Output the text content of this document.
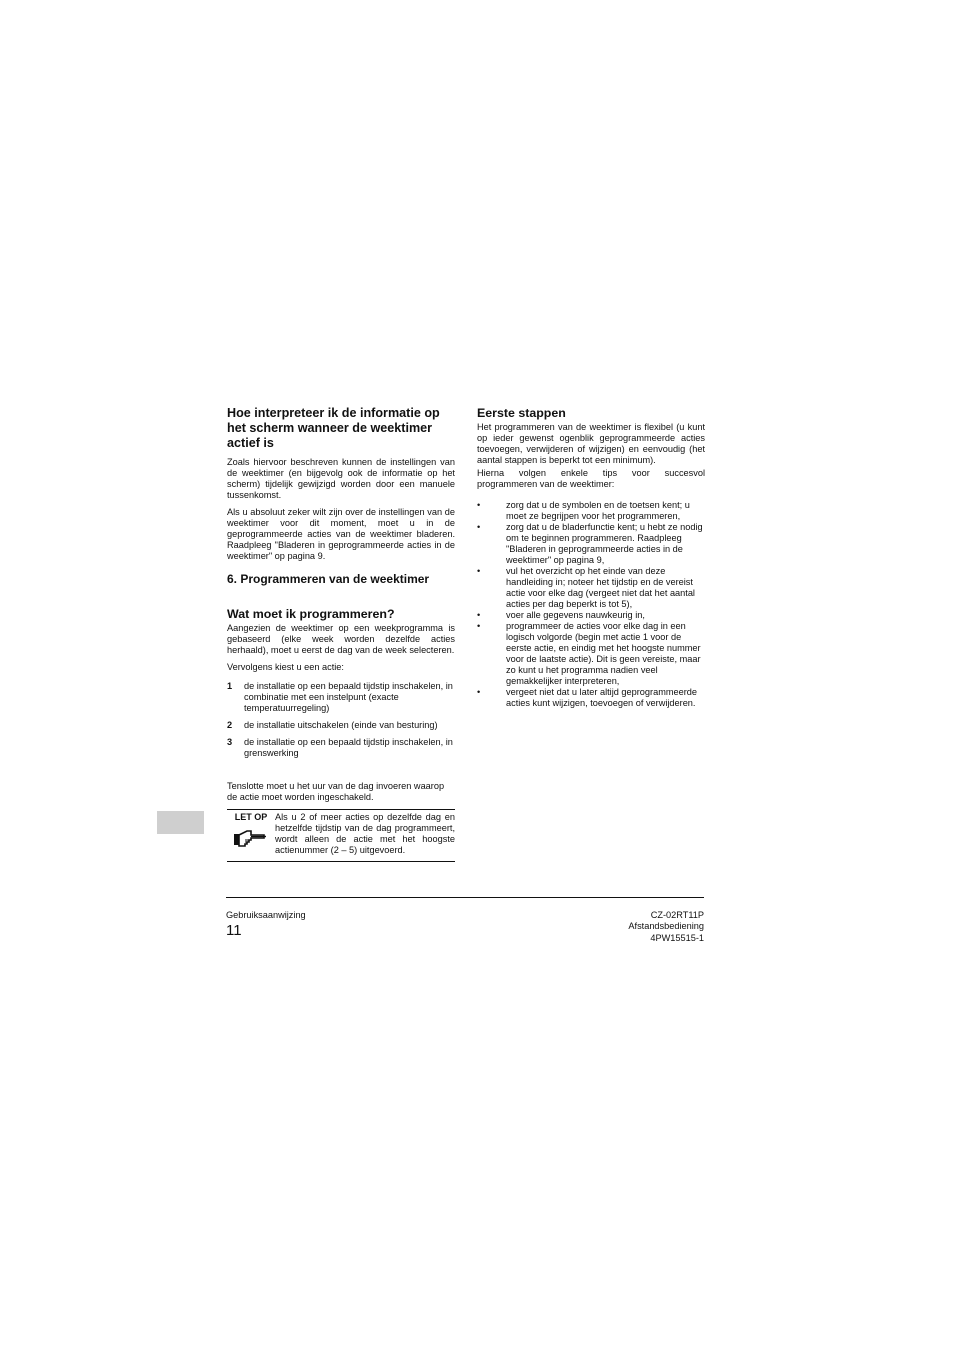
Hoe interpreteer ik de informatie op het scherm wanneer de weektimer actief is

Zoals hiervoor beschreven kunnen de instellingen van de weektimer (en bijgevolg ook de informatie op het scherm) tijdelijk gewijzigd worden door een manuele tussenkomst.

Als u absoluut zeker wilt zijn over de instellingen van de weektimer voor dit moment, moet u in de geprogrammeerde acties van de weektimer bladeren. Raadpleeg "Bladeren in geprogrammeerde acties in de weektimer" op pagina 9.

6. Programmeren van de weektimer
Wat moet ik programmeren?

Aangezien de weektimer op een weekprogramma is gebaseerd (elke week worden dezelfde acties herhaald), moet u eerst de dag van de week selecteren.

Vervolgens kiest u een actie:

1	de installatie op een bepaald tijdstip inschakelen, in combinatie met een instelpunt (exacte temperatuurregeling)
2	de installatie uitschakelen (einde van besturing)
3	de installatie op een bepaald tijdstip inschakelen, in grenswerking

Tenslotte moet u het uur van de dag invoeren waarop de actie moet worden ingeschakeld.

LET OP Als u 2 of meer acties op dezelfde dag en hetzelfde tijdstip van de dag programmeert, wordt alleen de actie met het hoogste actienummer (2 – 5) uitgevoerd.
Eerste stappen

Het programmeren van de weektimer is flexibel (u kunt op ieder gewenst ogenblik geprogrammeerde acties toevoegen, verwijderen of wijzigen) en eenvoudig (het aantal stappen is beperkt tot een minimum).

Hierna volgen enkele tips voor succesvol programmeren van de weektimer:

•	zorg dat u de symbolen en de toetsen kent; u moet ze begrijpen voor het programmeren,
•	zorg dat u de bladerfunctie kent; u hebt ze nodig om te beginnen programmeren. Raadpleeg "Bladeren in geprogrammeerde acties in de weektimer" op pagina 9,
•	vul het overzicht op het einde van deze handleiding in; noteer het tijdstip en de vereist actie voor elke dag (vergeet niet dat het aantal acties per dag beperkt is tot 5),
•	voer alle gegevens nauwkeurig in,
•	programmeer de acties voor elke dag in een logisch volgorde (begin met actie 1 voor de eerste actie, en eindig met het hoogste nummer voor de laatste actie). Dit is geen vereiste, maar zo kunt u het programma nadien veel gemakkelijker interpreteren,
•	vergeet niet dat u later altijd geprogrammeerde acties kunt wijzigen, toevoegen of verwijderen.
Gebruiksaanwijzing
11
CZ-02RT11P
Afstandsbediening
4PW15515-1
